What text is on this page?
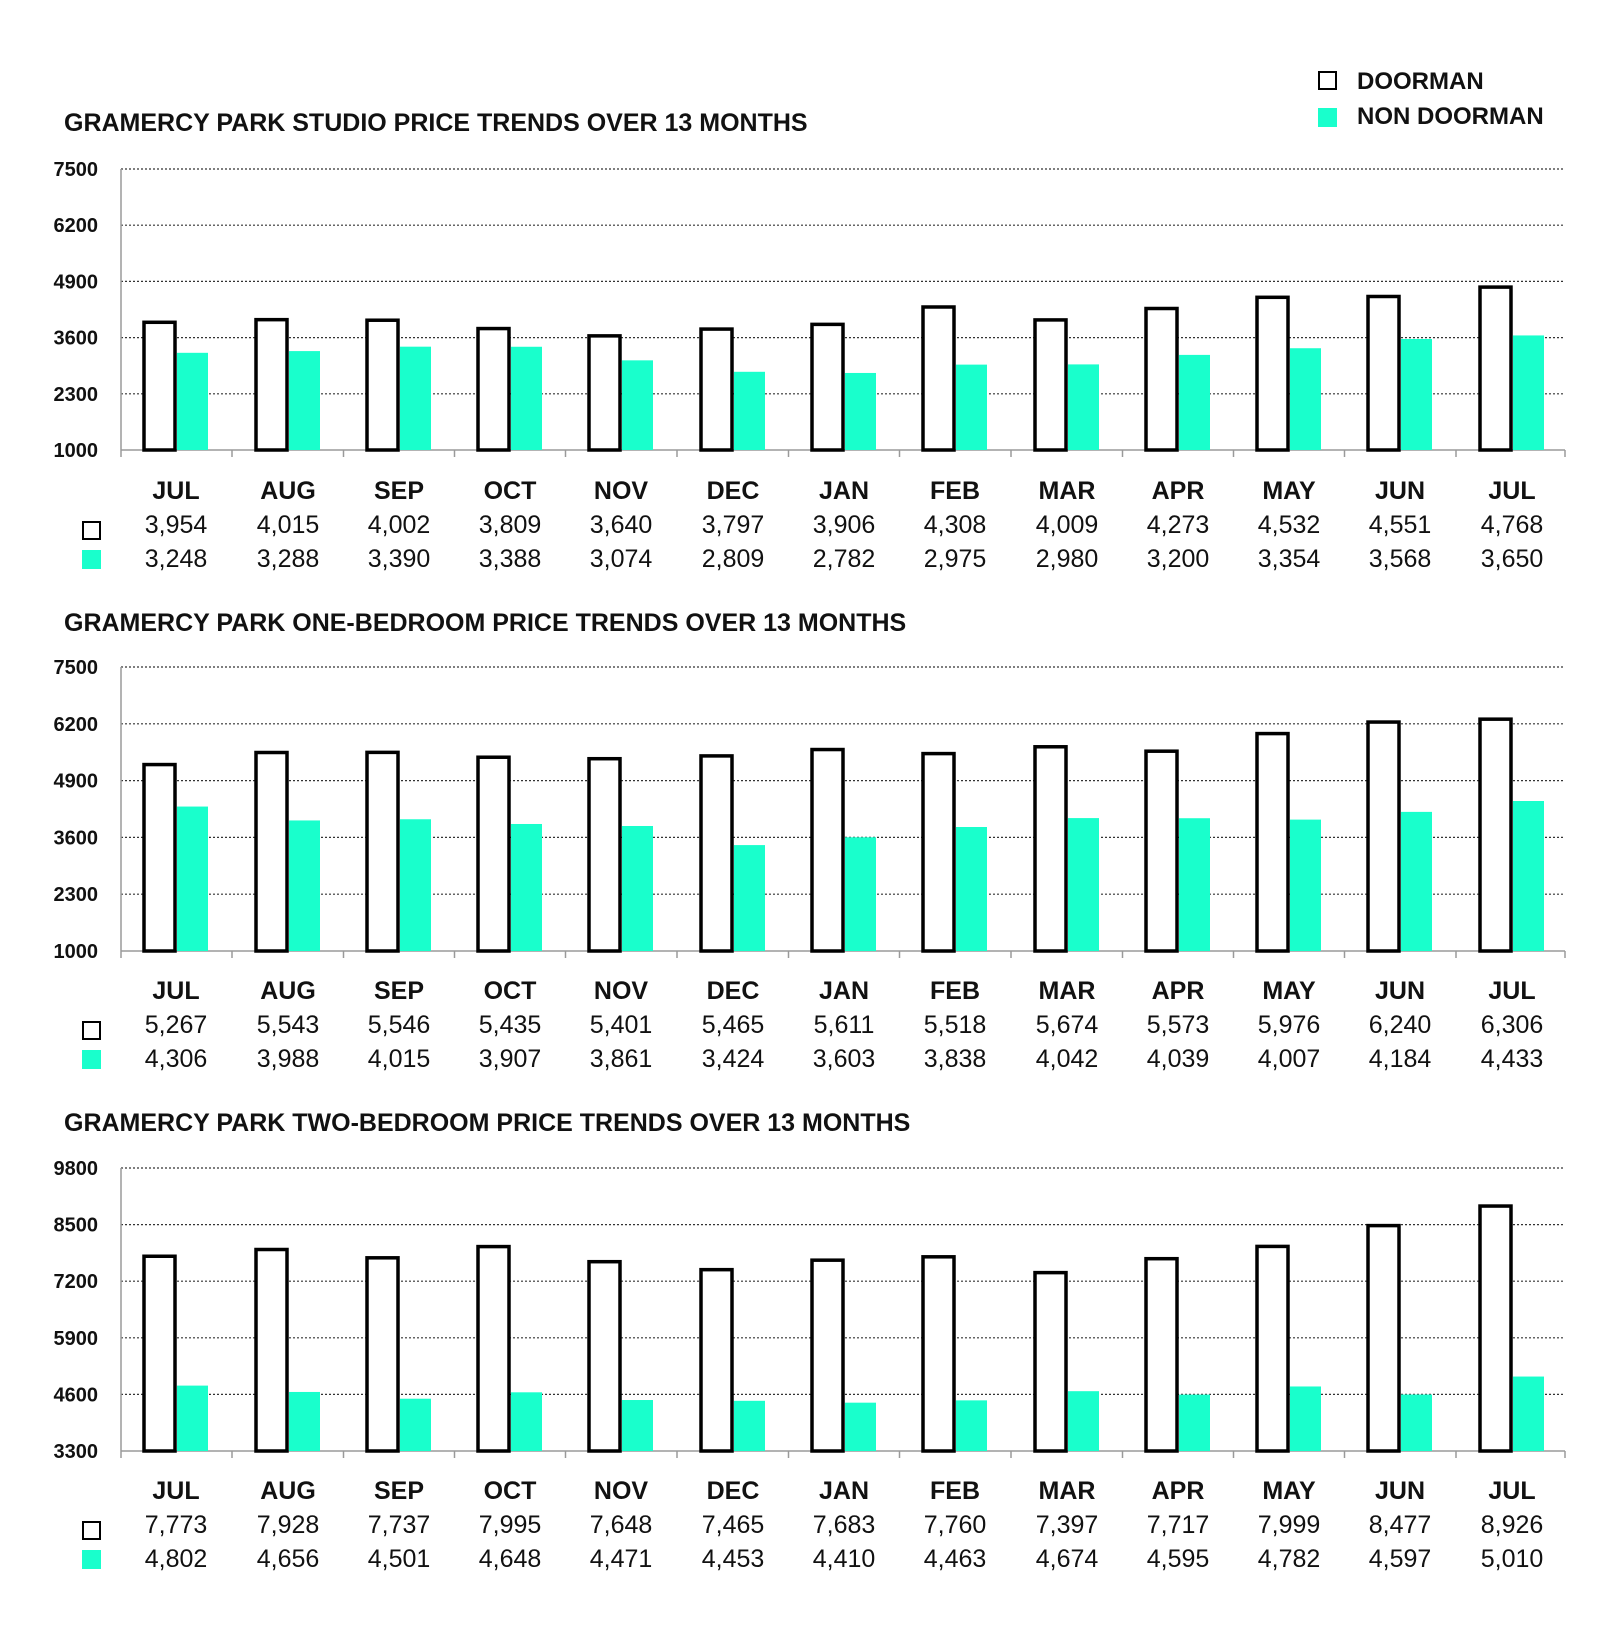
DOORMAN
NON DOORMAN
GRAMERCY PARK STUDIO PRICE TRENDS OVER 13 MONTHS
1000
2300
3600
4900
6200
7500
JUL
3,954
3,248
AUG
4,015
3,288
SEP
4,002
3,390
OCT
3,809
3,388
NOV
3,640
3,074
DEC
3,797
2,809
JAN
3,906
2,782
FEB
4,308
2,975
MAR
4,009
2,980
APR
4,273
3,200
MAY
4,532
3,354
JUN
4,551
3,568
JUL
4,768
3,650
GRAMERCY PARK ONE-BEDROOM PRICE TRENDS OVER 13 MONTHS
1000
2300
3600
4900
6200
7500
JUL
5,267
4,306
AUG
5,543
3,988
SEP
5,546
4,015
OCT
5,435
3,907
NOV
5,401
3,861
DEC
5,465
3,424
JAN
5,611
3,603
FEB
5,518
3,838
MAR
5,674
4,042
APR
5,573
4,039
MAY
5,976
4,007
JUN
6,240
4,184
JUL
6,306
4,433
GRAMERCY PARK TWO-BEDROOM PRICE TRENDS OVER 13 MONTHS
3300
4600
5900
7200
8500
9800
JUL
7,773
4,802
AUG
7,928
4,656
SEP
7,737
4,501
OCT
7,995
4,648
NOV
7,648
4,471
DEC
7,465
4,453
JAN
7,683
4,410
FEB
7,760
4,463
MAR
7,397
4,674
APR
7,717
4,595
MAY
7,999
4,782
JUN
8,477
4,597
JUL
8,926
5,010
